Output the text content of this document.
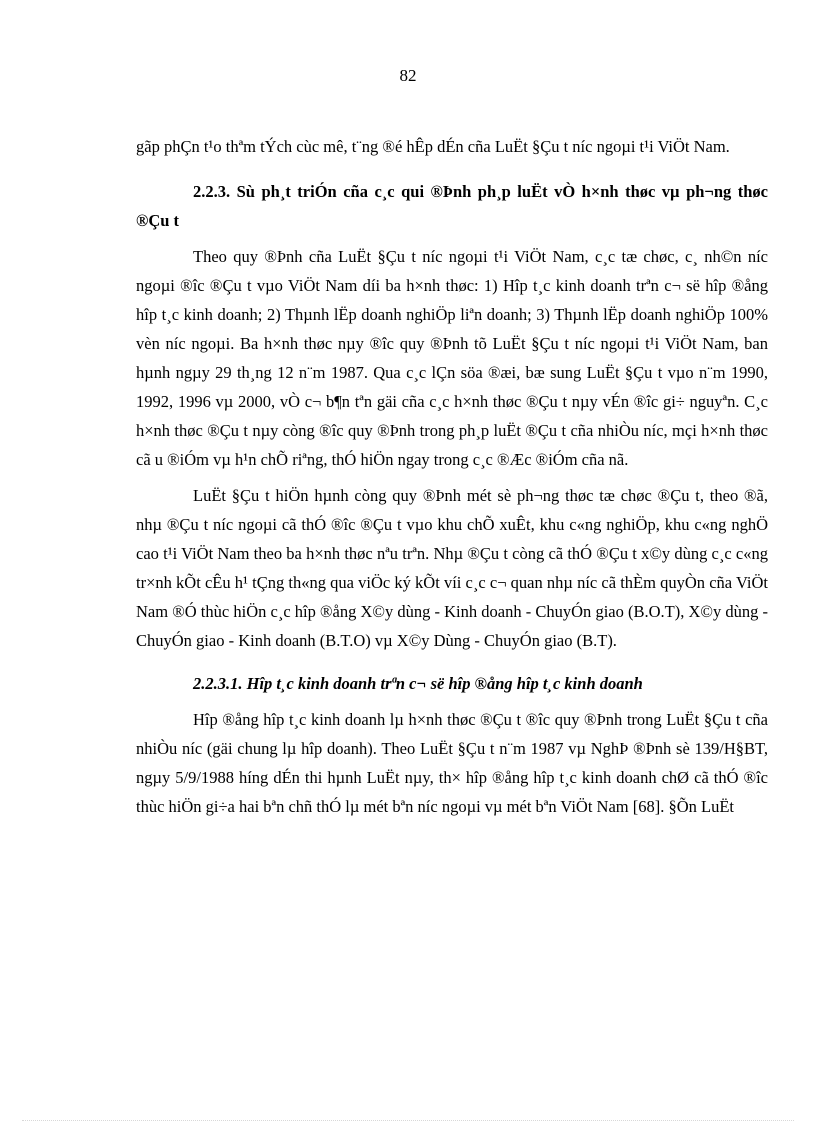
82

gãp phÇn t¹o thªm tÝch cùc mê, t¨ng ®é hÊp dÉn cña LuËt §Çu t níc ngoµi t¹i ViÖt Nam.

2.2.3. Sù ph¸t triÓn cña c¸c qui ®Þnh ph¸p luËt vÒ h×nh thøc vµ ph¬ng thøc ®Çu t

Theo quy ®Þnh cña LuËt §Çu t níc ngoµi t¹i ViÖt Nam, c¸c tæ chøc, c¸ nh©n níc ngoµi ®îc ®Çu t vµo ViÖt Nam díi ba h×nh thøc: 1) Hîp t¸c kinh doanh trªn c¬ së hîp ®ång hîp t¸c kinh doanh; 2) Thµnh lËp doanh nghiÖp liªn doanh; 3) Thµnh lËp doanh nghiÖp 100% vèn níc ngoµi. Ba h×nh thøc nµy ®îc quy ®Þnh tõ LuËt §Çu t níc ngoµi t¹i ViÖt Nam, ban hµnh ngµy 29 th¸ng 12 n¨m 1987. Qua c¸c lÇn söa ®æi, bæ sung LuËt §Çu t vµo n¨m 1990, 1992, 1996 vµ 2000, vÒ c¬ b¶n tªn gäi cña c¸c h×nh thøc ®Çu t nµy vÉn ®îc gi÷ nguyªn. C¸c h×nh thøc ®Çu t nµy còng ®îc quy ®Þnh trong ph¸p luËt ®Çu t cña nhiÒu níc, mçi h×nh thøc cã u ®iÓm vµ h¹n chÕ riªng, thÓ hiÖn ngay trong c¸c ®Æc ®iÓm cña nã.

LuËt §Çu t hiÖn hµnh còng quy ®Þnh mét sè ph¬ng thøc tæ chøc ®Çu t, theo ®ã, nhµ ®Çu t níc ngoµi cã thÓ ®îc ®Çu t vµo khu chÕ xuÊt, khu c«ng nghiÖp, khu c«ng nghÖ cao t¹i ViÖt Nam theo ba h×nh thøc nªu trªn. Nhµ ®Çu t còng cã thÓ ®Çu t x©y dùng c¸c c«ng tr×nh kÕt cÊu h¹ tÇng th«ng qua viÖc ký kÕt víi c¸c c¬ quan nhµ níc cã thÈm quyÒn cña ViÖt Nam ®Ó thùc hiÖn c¸c hîp ®ång X©y dùng - Kinh doanh - ChuyÓn giao (B.O.T), X©y dùng - ChuyÓn giao - Kinh doanh (B.T.O) vµ X©y Dùng - ChuyÓn giao (B.T).

2.2.3.1. Hîp t¸c kinh doanh trªn c¬ së hîp ®ång hîp t¸c kinh doanh

Hîp ®ång hîp t¸c kinh doanh lµ h×nh thøc ®Çu t ®îc quy ®Þnh trong LuËt §Çu t cña nhiÒu níc (gäi chung lµ hîp doanh). Theo LuËt §Çu t n¨m 1987 vµ NghÞ ®Þnh sè 139/H§BT, ngµy 5/9/1988 híng dÉn thi hµnh LuËt nµy, th× hîp ®ång hîp t¸c kinh doanh chØ cã thÓ ®îc thùc hiÖn gi÷a hai bªn chñ thÓ lµ mét bªn níc ngoµi vµ mét bªn ViÖt Nam [68]. §Õn LuËt
